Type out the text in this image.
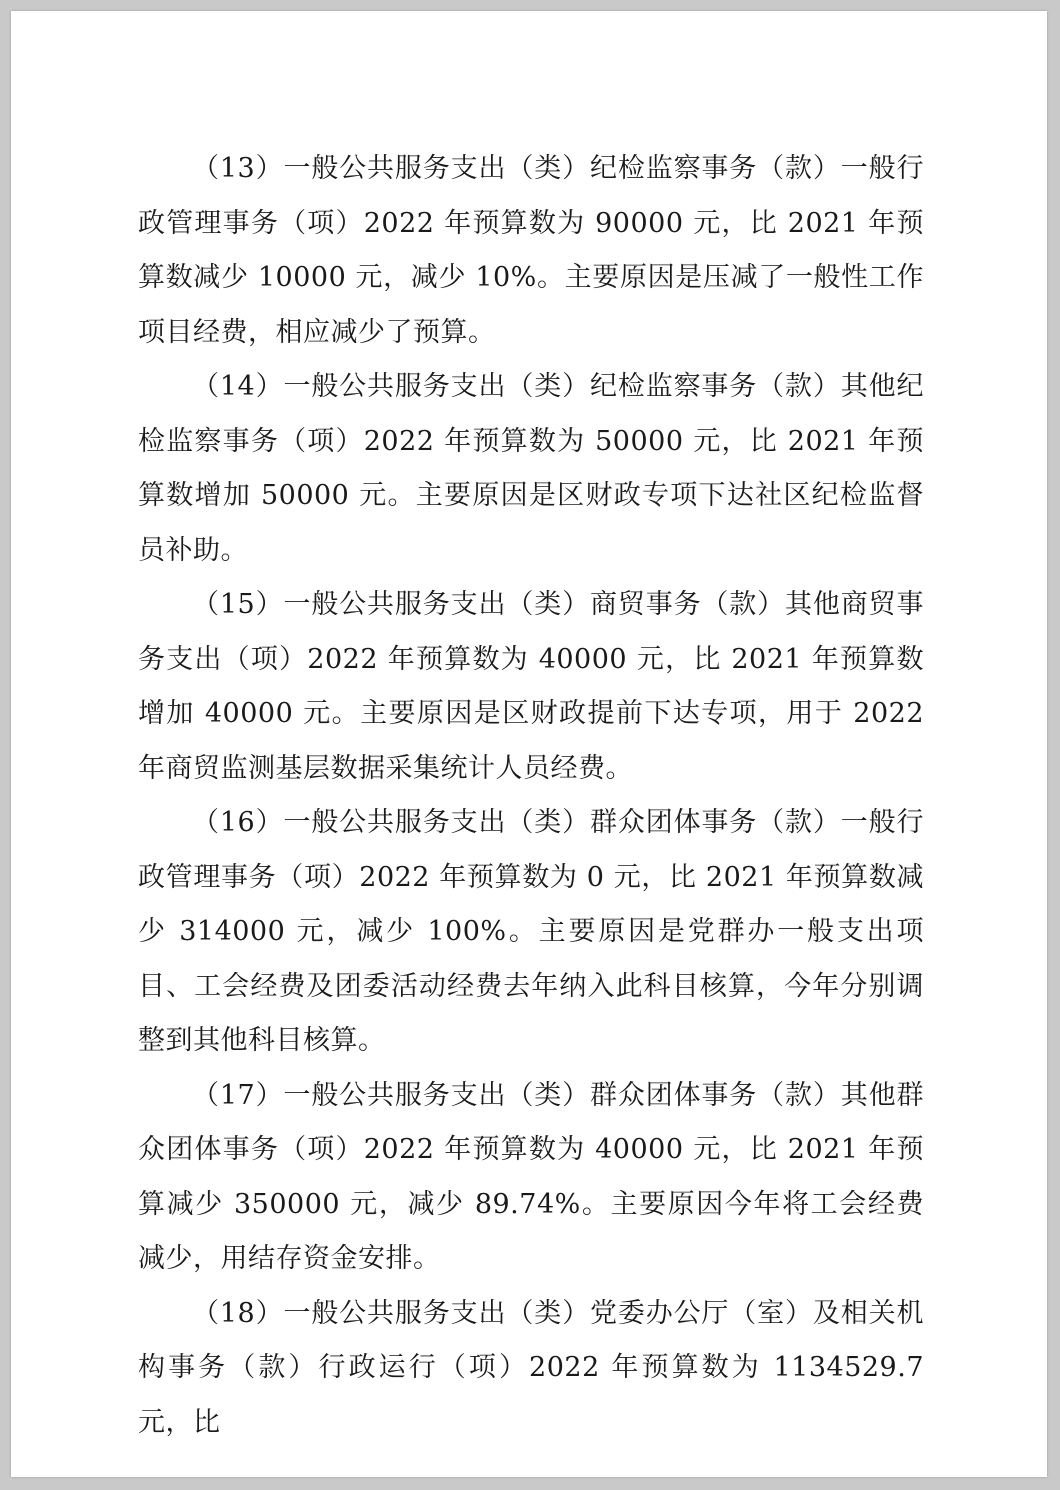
（13）一般公共服务支出（类）纪检监察事务（款）一般行政管理事务（项）2022 年预算数为 90000 元，比 2021 年预算数减少 10000 元，减少 10%。主要原因是压减了一般性工作项目经费，相应减少了预算。

（14）一般公共服务支出（类）纪检监察事务（款）其他纪检监察事务（项）2022 年预算数为 50000 元，比 2021 年预算数增加 50000 元。主要原因是区财政专项下达社区纪检监督员补助。

（15）一般公共服务支出（类）商贸事务（款）其他商贸事务支出（项）2022 年预算数为 40000 元，比 2021 年预算数增加 40000 元。主要原因是区财政提前下达专项，用于 2022 年商贸监测基层数据采集统计人员经费。

（16）一般公共服务支出（类）群众团体事务（款）一般行政管理事务（项）2022 年预算数为 0 元，比 2021 年预算数减少 314000 元，减少 100%。主要原因是党群办一般支出项目、工会经费及团委活动经费去年纳入此科目核算，今年分别调整到其他科目核算。

（17）一般公共服务支出（类）群众团体事务（款）其他群众团体事务（项）2022 年预算数为 40000 元，比 2021 年预算减少 350000 元，减少 89.74%。主要原因今年将工会经费减少，用结存资金安排。

（18）一般公共服务支出（类）党委办公厅（室）及相关机构事务（款）行政运行（项）2022 年预算数为 1134529.7 元，比
